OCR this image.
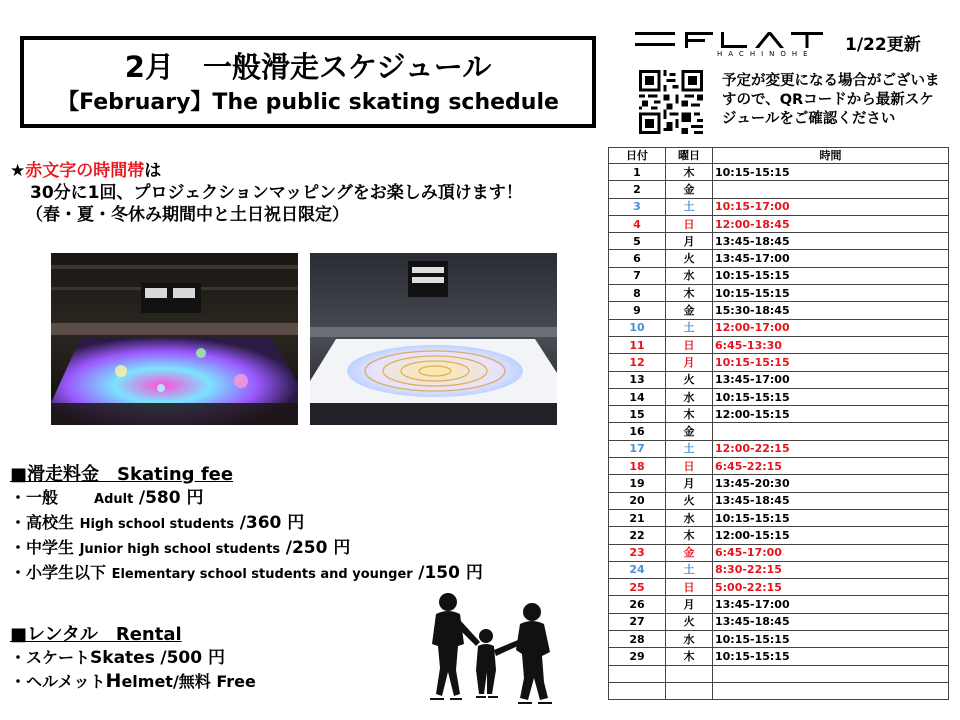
2月　一般滑走スケジュール
【February】The public skating schedule
HACHINOHE 1/22更新
予定が変更になる場合がございますので、QRコードから最新スケジュールをご確認ください
★赤文字の時間帯は
30分に1回、プロジェクションマッピングをお楽しみ頂けます！
（春・夏・冬休み期間中と土日祝日限定）
■滑走料金　Skating fee
・一般	Adult /580 円
・高校生 High school students /360 円
・中学生 Junior high school students /250 円
・小学生以下 Elementary school students and younger /150 円
■レンタル　Rental
・スケートSkates /500 円
・ヘルメットHelmet/無料 Free
日付	曜日	時間
1	木	10:15-15:15
2	金	
3	土	10:15-17:00
4	日	12:00-18:45
5	月	13:45-18:45
6	火	13:45-17:00
7	水	10:15-15:15
8	木	10:15-15:15
9	金	15:30-18:45
10	土	12:00-17:00
11	日	6:45-13:30
12	月	10:15-15:15
13	火	13:45-17:00
14	水	10:15-15:15
15	木	12:00-15:15
16	金	
17	土	12:00-22:15
18	日	6:45-22:15
19	月	13:45-20:30
20	火	13:45-18:45
21	水	10:15-15:15
22	木	12:00-15:15
23	金	6:45-17:00
24	土	8:30-22:15
25	日	5:00-22:15
26	月	13:45-17:00
27	火	13:45-18:45
28	水	10:15-15:15
29	木	10:15-15:15
